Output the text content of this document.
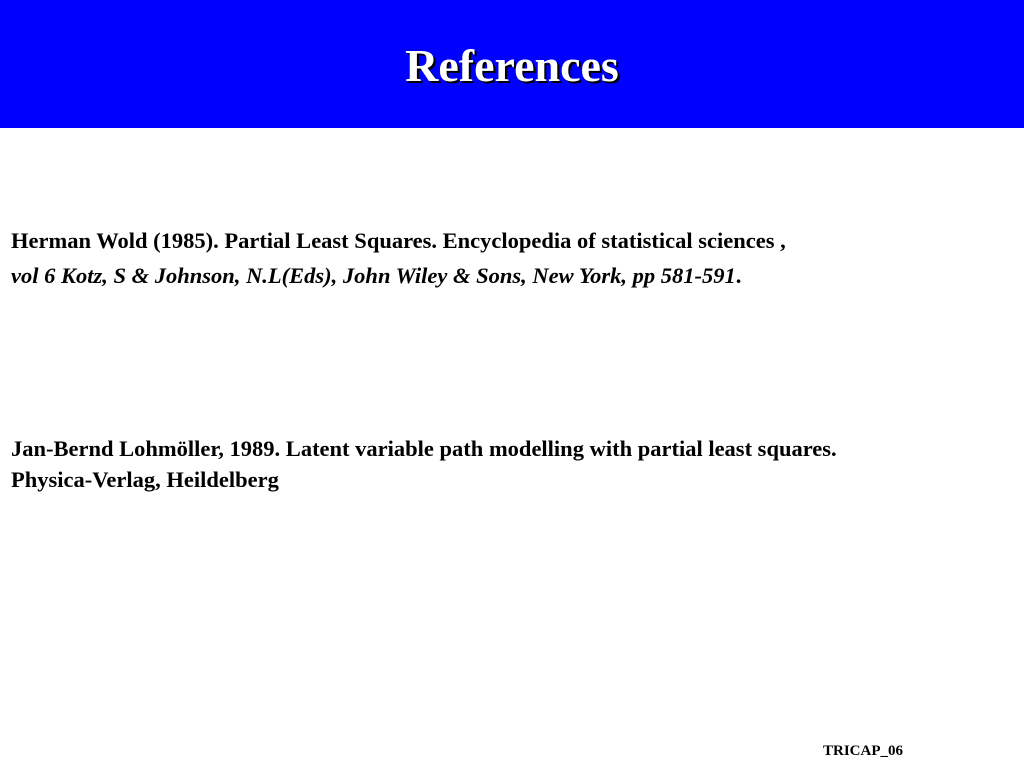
References
Herman Wold (1985). Partial Least Squares. Encyclopedia of statistical sciences ,
vol 6 Kotz, S & Johnson, N.L(Eds), John Wiley & Sons, New York, pp 581-591.
Jan-Bernd Lohmöller, 1989. Latent variable path modelling with partial least squares.
Physica-Verlag, Heildelberg
TRICAP_06
